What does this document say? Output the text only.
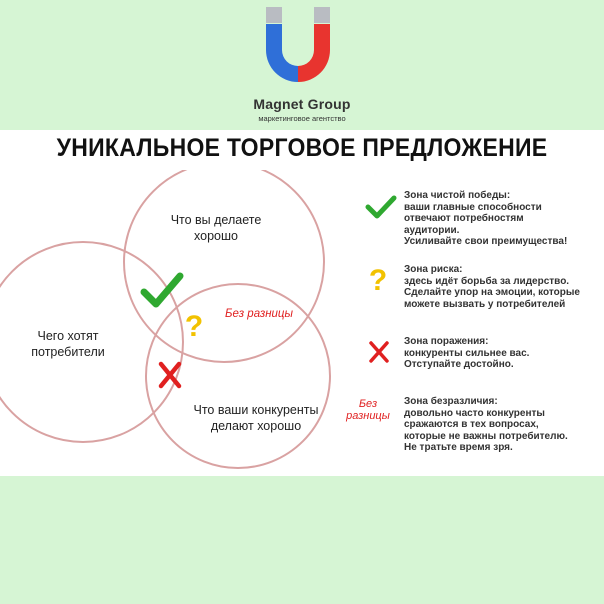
Magnet Group
маркетинговое агентство
УНИКАЛЬНОЕ ТОРГОВОЕ ПРЕДЛОЖЕНИЕ
Что вы делаете
хорошо
Чего хотят
потребители
Что ваши конкуренты
делают хорошо
Без разницы
?
?
Без
разницы
Зона чистой победы:
ваши главные способности
отвечают потребностям
аудитории.
Усиливайте свои преимущества!
Зона риска:
здесь идёт борьба за лидерство.
Сделайте упор на эмоции, которые
можете вызвать у потребителей
Зона поражения:
конкуренты сильнее вас.
Отступайте достойно.
Зона безразличия:
довольно часто конкуренты
сражаются в тех вопросах,
которые не важны потребителю.
Не тратьте время зря.
